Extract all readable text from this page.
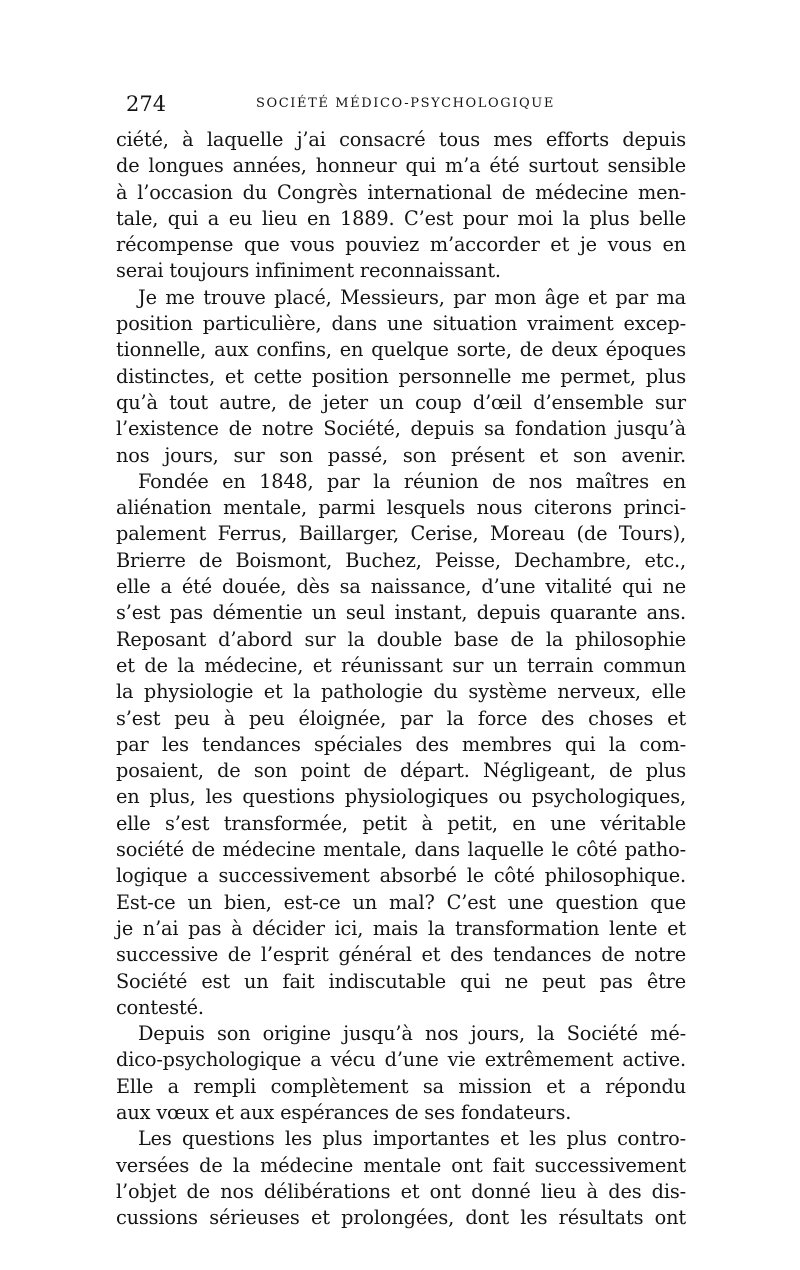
274	SOCIÉTÉ MÉDICO-PSYCHOLOGIQUE
ciété, à laquelle j’ai consacré tous mes efforts depuis
de longues années, honneur qui m’a été surtout sensible
à l’occasion du Congrès international de médecine men-
tale, qui a eu lieu en 1889. C’est pour moi la plus belle
récompense que vous pouviez m’accorder et je vous en
serai toujours infiniment reconnaissant.
Je me trouve placé, Messieurs, par mon âge et par ma
position particulière, dans une situation vraiment excep-
tionnelle, aux confins, en quelque sorte, de deux époques
distinctes, et cette position personnelle me permet, plus
qu’à tout autre, de jeter un coup d’œil d’ensemble sur
l’existence de notre Société, depuis sa fondation jusqu’à
nos jours, sur son passé, son présent et son avenir.
Fondée en 1848, par la réunion de nos maîtres en
aliénation mentale, parmi lesquels nous citerons princi-
palement Ferrus, Baillarger, Cerise, Moreau (de Tours),
Brierre de Boismont, Buchez, Peisse, Dechambre, etc.,
elle a été douée, dès sa naissance, d’une vitalité qui ne
s’est pas démentie un seul instant, depuis quarante ans.
Reposant d’abord sur la double base de la philosophie
et de la médecine, et réunissant sur un terrain commun
la physiologie et la pathologie du système nerveux, elle
s’est peu à peu éloignée, par la force des choses et
par les tendances spéciales des membres qui la com-
posaient, de son point de départ. Négligeant, de plus
en plus, les questions physiologiques ou psychologiques,
elle s’est transformée, petit à petit, en une véritable
société de médecine mentale, dans laquelle le côté patho-
logique a successivement absorbé le côté philosophique.
Est-ce un bien, est-ce un mal? C’est une question que
je n’ai pas à décider ici, mais la transformation lente et
successive de l’esprit général et des tendances de notre
Société est un fait indiscutable qui ne peut pas être
contesté.
Depuis son origine jusqu’à nos jours, la Société mé-
dico-psychologique a vécu d’une vie extrêmement active.
Elle a rempli complètement sa mission et a répondu
aux vœux et aux espérances de ses fondateurs.
Les questions les plus importantes et les plus contro-
versées de la médecine mentale ont fait successivement
l’objet de nos délibérations et ont donné lieu à des dis-
cussions sérieuses et prolongées, dont les résultats ont
